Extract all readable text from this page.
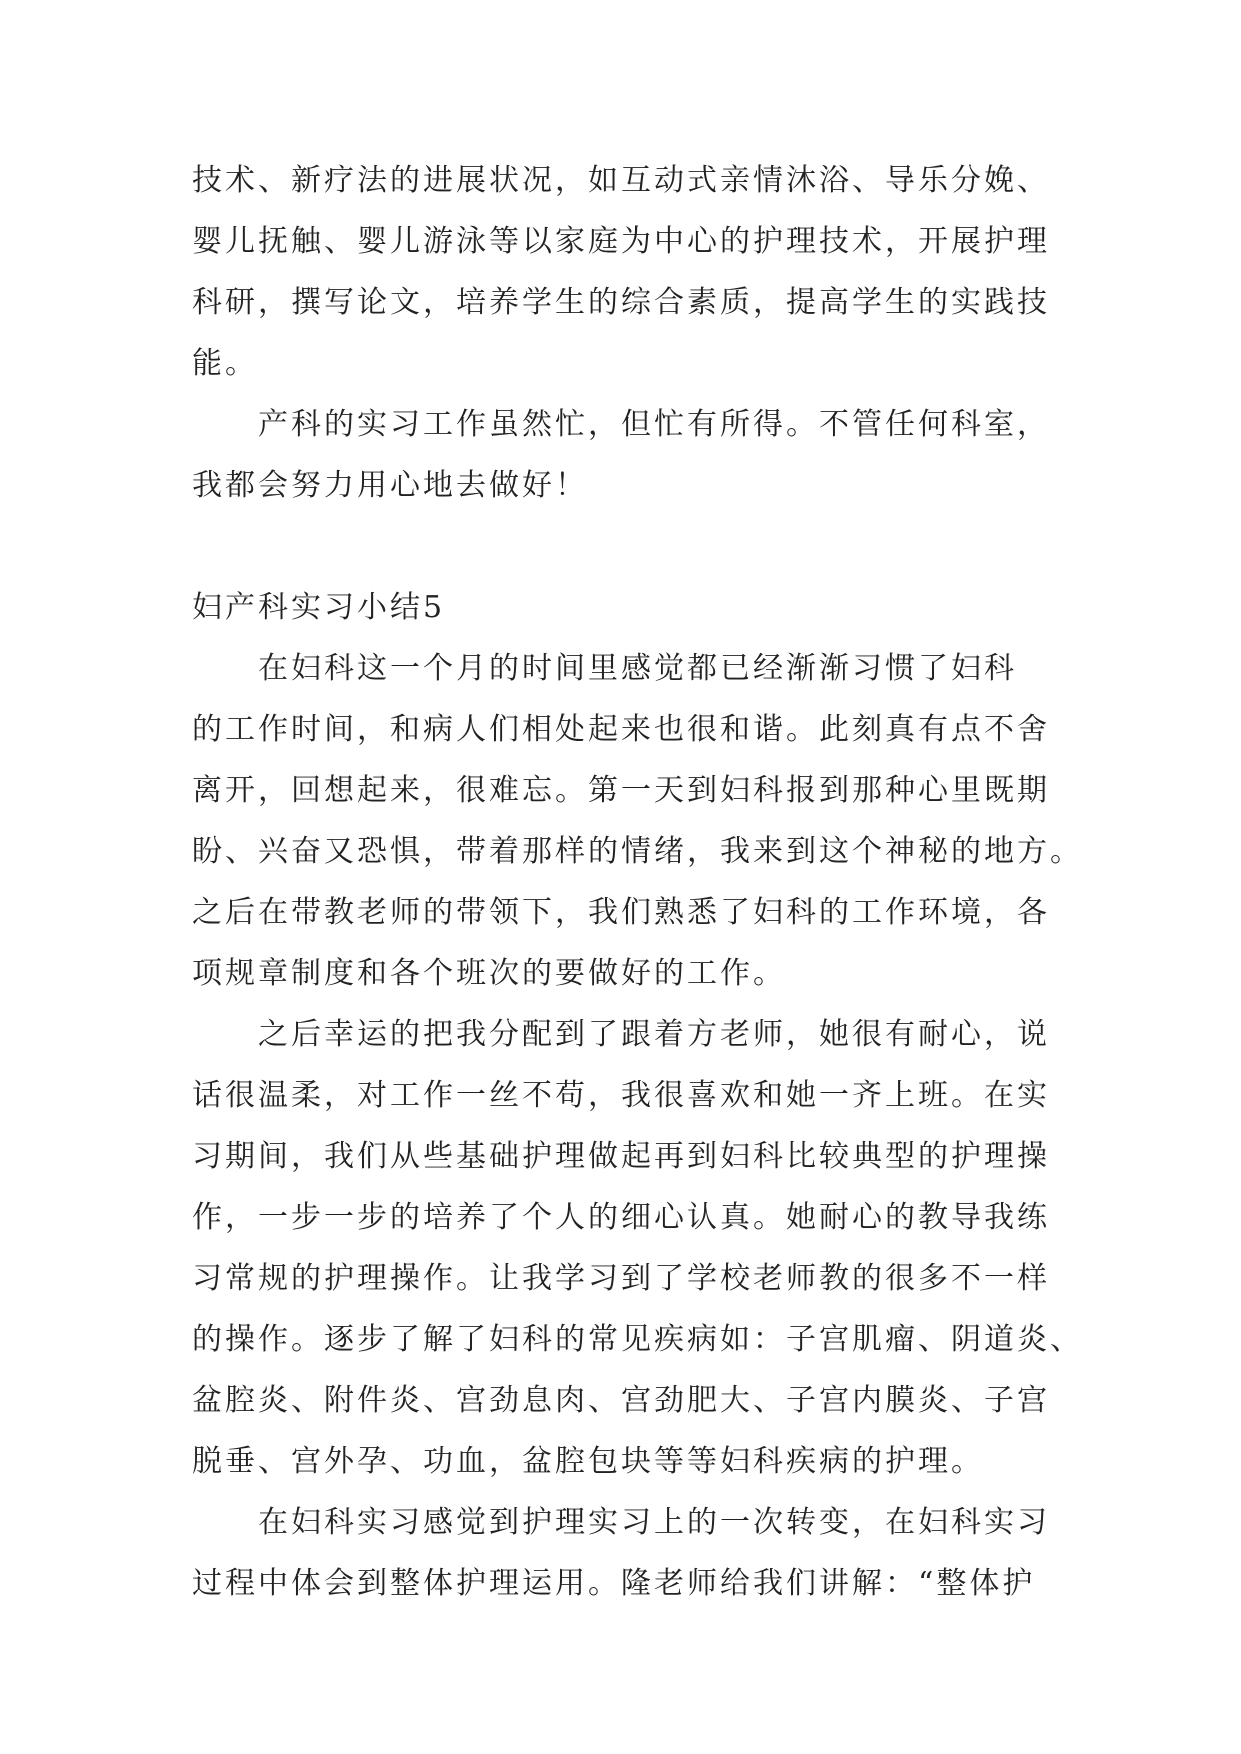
技术、新疗法的进展状况，如互动式亲情沐浴、导乐分娩、
婴儿抚触、婴儿游泳等以家庭为中心的护理技术，开展护理
科研，撰写论文，培养学生的综合素质，提高学生的实践技
能。
产科的实习工作虽然忙，但忙有所得。不管任何科室，
我都会努力用心地去做好！
妇产科实习小结5
在妇科这一个月的时间里感觉都已经渐渐习惯了妇科
的工作时间，和病人们相处起来也很和谐。此刻真有点不舍
离开，回想起来，很难忘。第一天到妇科报到那种心里既期
盼、兴奋又恐惧，带着那样的情绪，我来到这个神秘的地方。
之后在带教老师的带领下，我们熟悉了妇科的工作环境，各
项规章制度和各个班次的要做好的工作。
之后幸运的把我分配到了跟着方老师，她很有耐心，说
话很温柔，对工作一丝不苟，我很喜欢和她一齐上班。在实
习期间，我们从些基础护理做起再到妇科比较典型的护理操
作，一步一步的培养了个人的细心认真。她耐心的教导我练
习常规的护理操作。让我学习到了学校老师教的很多不一样
的操作。逐步了解了妇科的常见疾病如：子宫肌瘤、阴道炎、
盆腔炎、附件炎、宫劲息肉、宫劲肥大、子宫内膜炎、子宫
脱垂、宫外孕、功血，盆腔包块等等妇科疾病的护理。
在妇科实习感觉到护理实习上的一次转变，在妇科实习
过程中体会到整体护理运用。隆老师给我们讲解：“整体护
